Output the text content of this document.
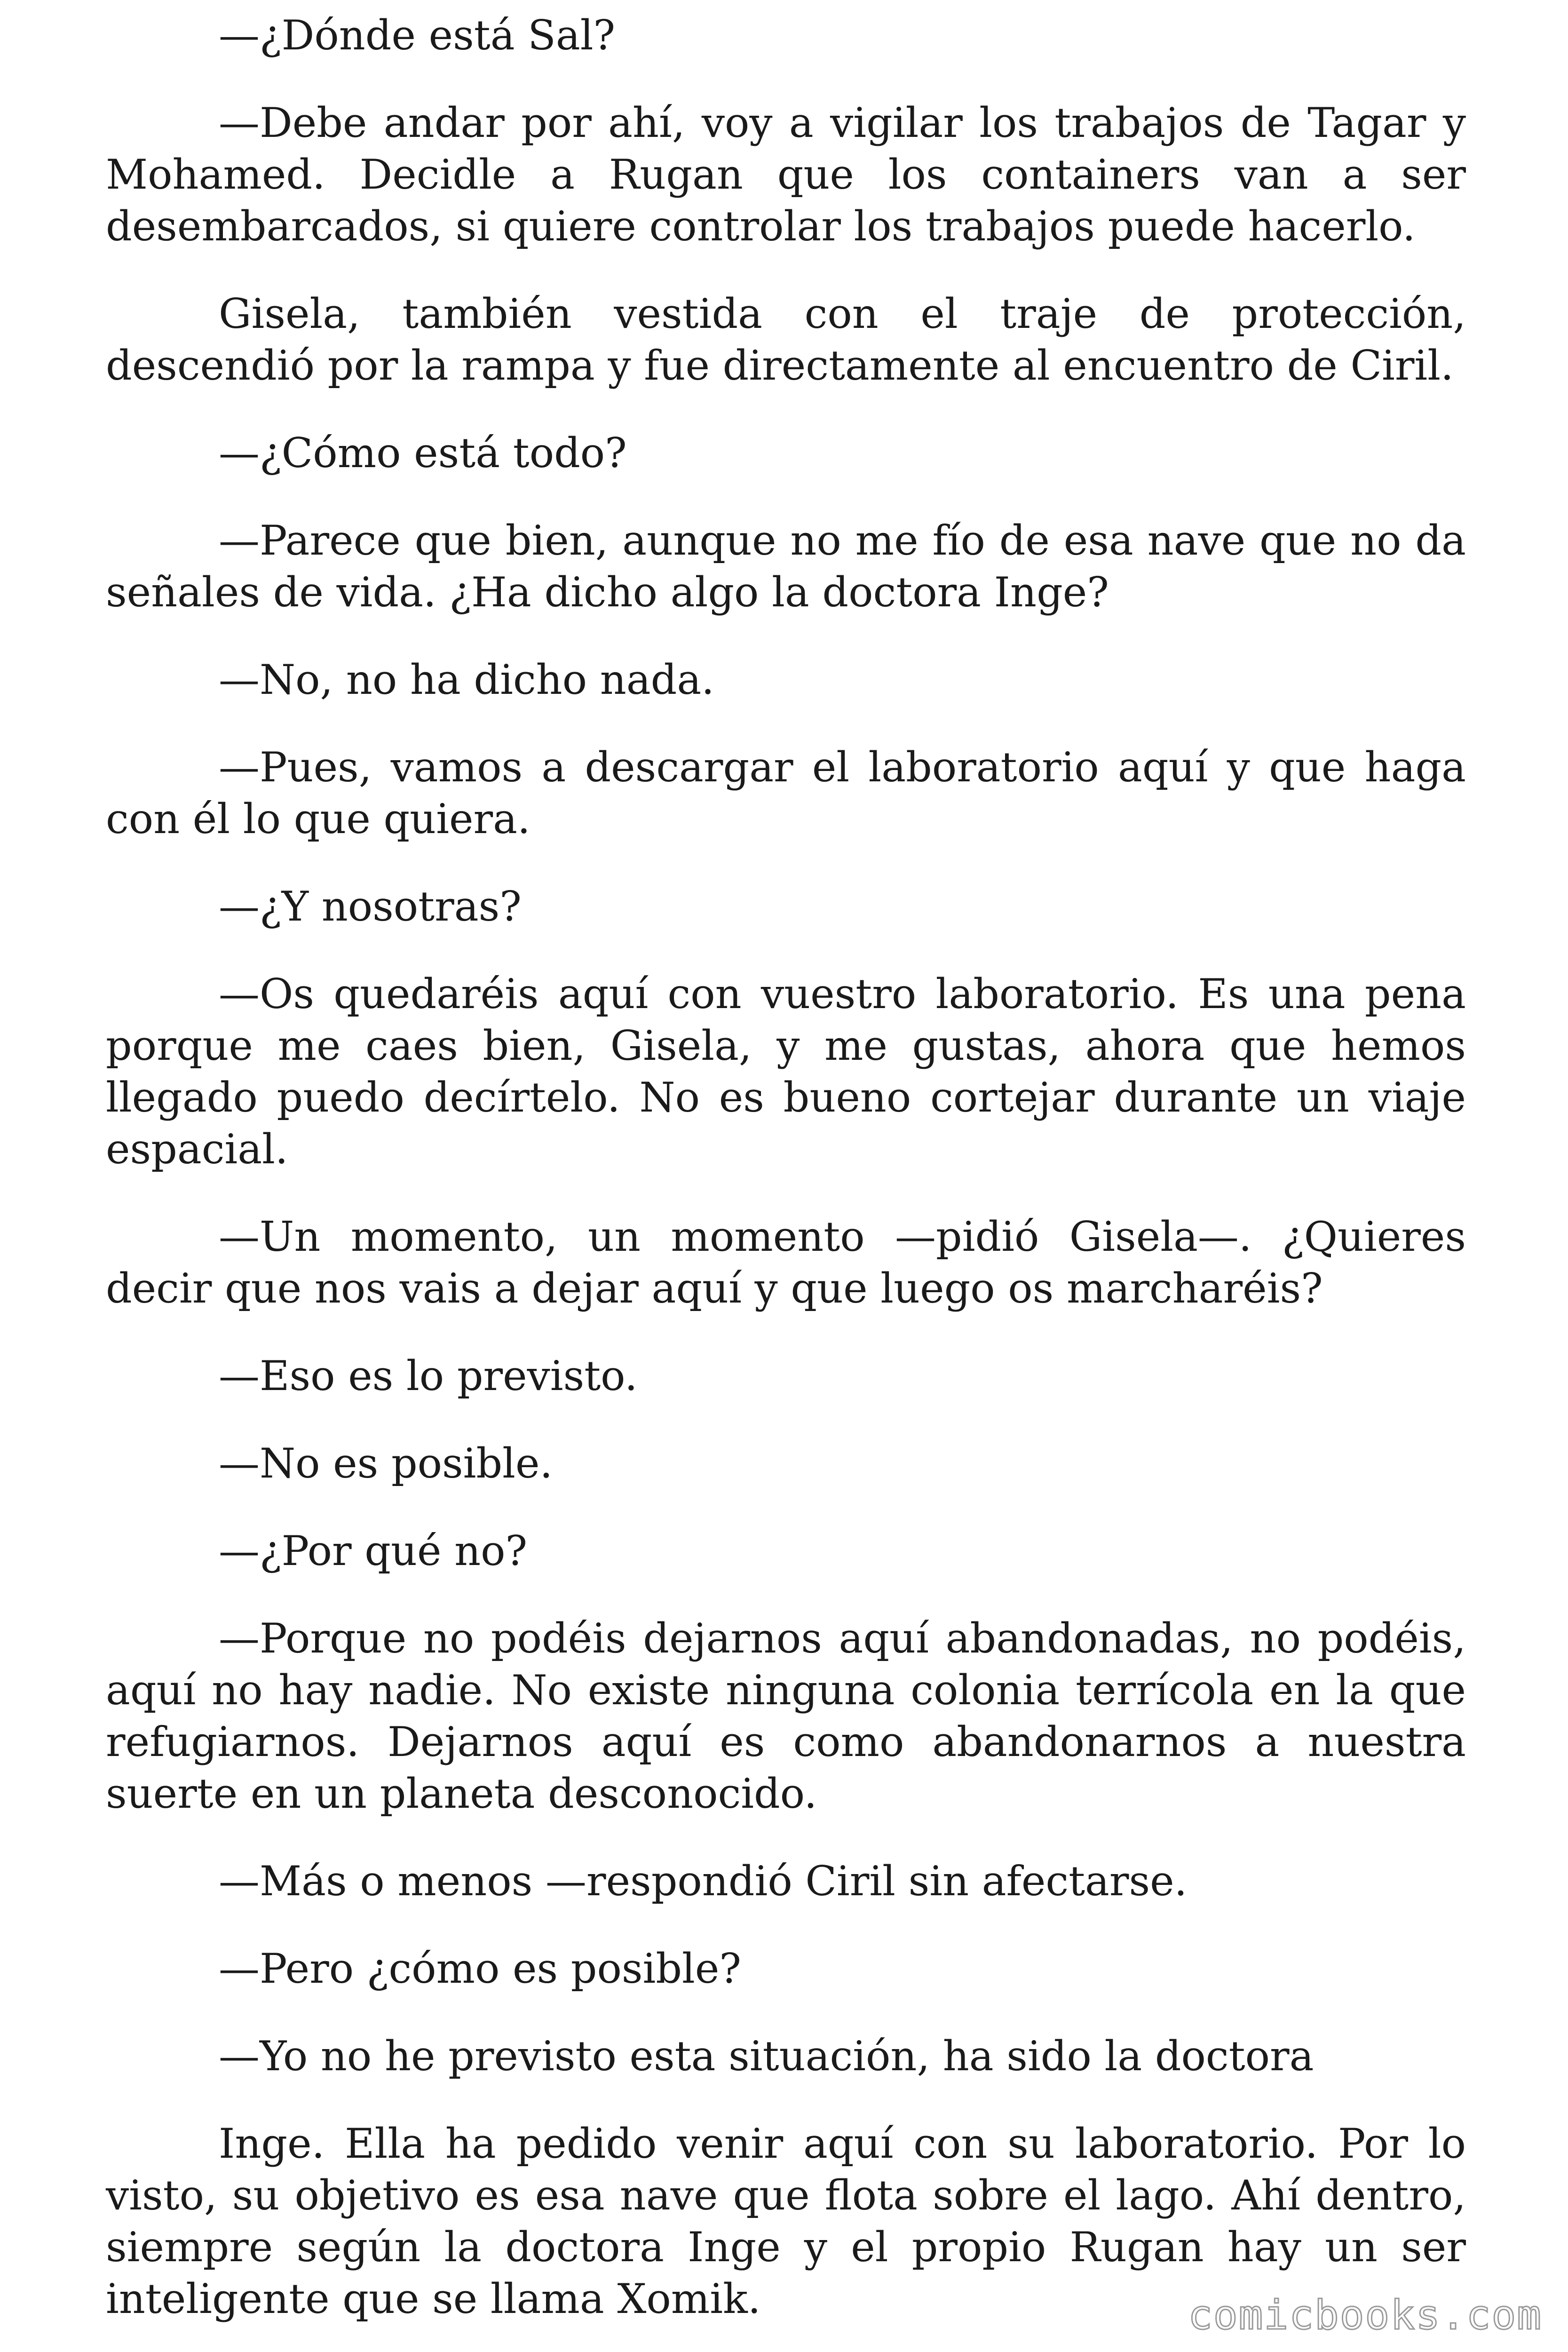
—¿Dónde está Sal?

—Debe andar por ahí, voy a vigilar los trabajos de Tagar y Mohamed. Decidle a Rugan que los containers van a ser desembarcados, si quiere controlar los trabajos puede hacerlo.

Gisela, también vestida con el traje de protección, descendió por la rampa y fue directamente al encuentro de Ciril.

—¿Cómo está todo?

—Parece que bien, aunque no me fío de esa nave que no da señales de vida. ¿Ha dicho algo la doctora Inge?

—No, no ha dicho nada.

—Pues, vamos a descargar el laboratorio aquí y que haga con él lo que quiera.

—¿Y nosotras?

—Os quedaréis aquí con vuestro laboratorio. Es una pena porque me caes bien, Gisela, y me gustas, ahora que hemos llegado puedo decírtelo. No es bueno cortejar durante un viaje espacial.

—Un momento, un momento —pidió Gisela—. ¿Quieres decir que nos vais a dejar aquí y que luego os marcharéis?

—Eso es lo previsto.

—No es posible.

—¿Por qué no?

—Porque no podéis dejarnos aquí abandonadas, no podéis, aquí no hay nadie. No existe ninguna colonia terrícola en la que refugiarnos. Dejarnos aquí es como abandonarnos a nuestra suerte en un planeta desconocido.

—Más o menos —respondió Ciril sin afectarse.

—Pero ¿cómo es posible?

—Yo no he previsto esta situación, ha sido la doctora

Inge. Ella ha pedido venir aquí con su laboratorio. Por lo visto, su objetivo es esa nave que flota sobre el lago. Ahí dentro, siempre según la doctora Inge y el propio Rugan hay un ser inteligente que se llama Xomik.	comicbooks.com
